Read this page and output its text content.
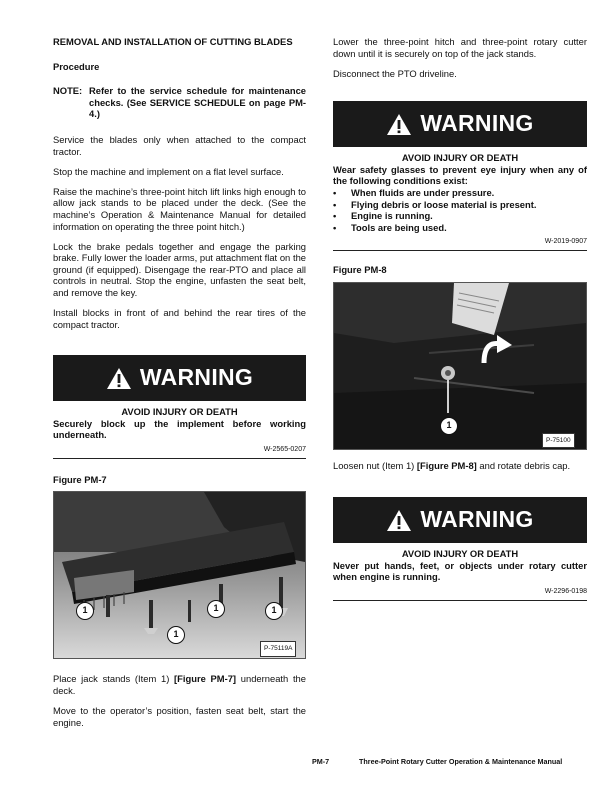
REMOVAL AND INSTALLATION OF CUTTING BLADES
Procedure
NOTE: Refer to the service schedule for maintenance checks. (See SERVICE SCHEDULE on page PM-4.)

Service the blades only when attached to the compact tractor.

Stop the machine and implement on a flat level surface.

Raise the machine’s three-point hitch lift links high enough to allow jack stands to be placed under the deck. (See the machine’s Operation & Maintenance Manual for detailed information on operating the three point hitch.)

Lock the brake pedals together and engage the parking brake. Fully lower the loader arms, put attachment flat on the ground (if equipped). Disengage the rear-PTO and place all controls in neutral. Stop the engine, unfasten the seat belt, and remove the key.

Install blocks in front of and behind the rear tires of the compact tractor.

WARNING
AVOID INJURY OR DEATH
Securely block up the implement before working underneath.
W-2565-0207
Figure PM-7
1	1	1
1
P-75119A

Place jack stands (Item 1) [Figure PM-7] underneath the deck.

Move to the operator’s position, fasten seat belt, start the engine.

Lower the three-point hitch and three-point rotary cutter down until it is securely on top of the jack stands.

Disconnect the PTO driveline.

WARNING
AVOID INJURY OR DEATH
Wear safety glasses to prevent eye injury when any of the following conditions exist:
• When fluids are under pressure.
• Flying debris or loose material is present.
• Engine is running.
• Tools are being used.
W-2019-0907
Figure PM-8
1
P-75100

Loosen nut (Item 1) [Figure PM-8] and rotate debris cap.

WARNING
AVOID INJURY OR DEATH
Never put hands, feet, or objects under rotary cutter when engine is running.
W-2296-0198
PM-7	Three-Point Rotary Cutter Operation & Maintenance Manual
